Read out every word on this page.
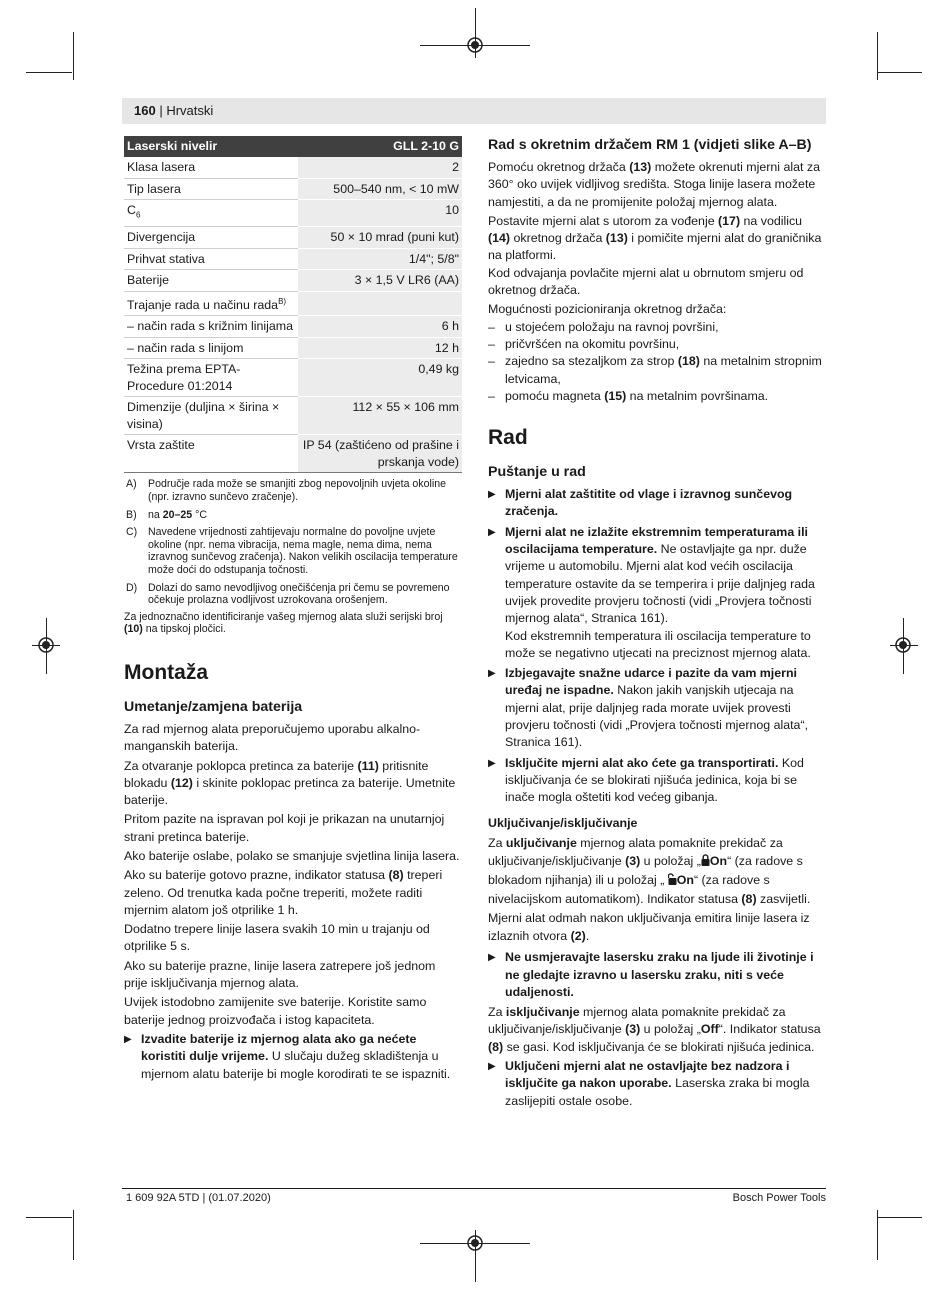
160 | Hrvatski
Laserski nivelir	GLL 2-10 G
Klasa lasera	2
Tip lasera	500–540 nm, < 10 mW
$C_6$	10
Divergencija	50 × 10 mrad (puni kut)
Prihvat stativa	1/4"; 5/8"
Baterije	3 × 1,5 V LR6 (AA)
Trajanje rada u načinu rada$^{B)}$	
– način rada s križnim linijama	6 h
– način rada s linijom	12 h
Težina prema EPTA-Procedure 01:2014	0,49 kg
Dimenzije (duljina × širina × visina)	112 × 55 × 106 mm
Vrsta zaštite	IP 54 (zaštićeno od prašine i prskanja vode)
A) Područje rada može se smanjiti zbog nepovoljnih uvjeta okoline (npr. izravno sunčevo zračenje).
B) na 20–25 °C
C) Navedene vrijednosti zahtijevaju normalne do povoljne uvjete okoline (npr. nema vibracija, nema magle, nema dima, nema izravnog sunčevog zračenja). Nakon velikih oscilacija temperature može doći do odstupanja točnosti.
D) Dolazi do samo nevodljivog onečišćenja pri čemu se povremeno očekuje prolazna vodljivost uzrokovana orošenjem.
Za jednoznačno identificiranje vašeg mjernog alata služi serijski broj (10) na tipskoj pločici.
Montaža
Umetanje/zamjena baterija

Za rad mjernog alata preporučujemo uporabu alkalno-manganskih baterija.

Za otvaranje poklopca pretinca za baterije (11) pritisnite blokadu (12) i skinite poklopac pretinca za baterije. Umetnite baterije.

Pritom pazite na ispravan pol koji je prikazan na unutarnjoj strani pretinca baterije.

Ako baterije oslabe, polako se smanjuje svjetlina linija lasera.

Ako su baterije gotovo prazne, indikator statusa (8) treperi zeleno. Od trenutka kada počne treperiti, možete raditi mjernim alatom još otprilike 1 h.

Dodatno trepere linije lasera svakih 10 min u trajanju od otprilike 5 s.

Ako su baterije prazne, linije lasera zatrepere još jednom prije isključivanja mjernog alata.

Uvijek istodobno zamijenite sve baterije. Koristite samo baterije jednog proizvođača i istog kapaciteta.

▶ Izvadite baterije iz mjernog alata ako ga nećete koristiti dulje vrijeme. U slučaju dužeg skladištenja u mjernom alatu baterije bi mogle korodirati te se ispazniti.
Rad s okretnim držačem RM 1 (vidjeti slike A–B)

Pomoću okretnog držača (13) možete okrenuti mjerni alat za 360° oko uvijek vidljivog središta. Stoga linije lasera možete namjestiti, a da ne promijenite položaj mjernog alata.

Postavite mjerni alat s utorom za vođenje (17) na vodilicu (14) okretnog držača (13) i pomičite mjerni alat do graničnika na platformi.

Kod odvajanja povlačite mjerni alat u obrnutom smjeru od okretnog držača.

Mogućnosti pozicioniranja okretnog držača:

– u stojećem položaju na ravnoj površini,
– pričvršćen na okomitu površinu,
– zajedno sa stezaljkom za strop (18) na metalnim stropnim letvicama,
– pomoću magneta (15) na metalnim površinama.
Rad
Puštanje u rad
▶ Mjerni alat zaštitite od vlage i izravnog sunčevog zračenja.
▶ Mjerni alat ne izlažite ekstremnim temperaturama ili oscilacijama temperature. Ne ostavljajte ga npr. duže vrijeme u automobilu. Mjerni alat kod većih oscilacija temperature ostavite da se temperira i prije daljnjeg rada uvijek provedite provjeru točnosti (vidi „Provjera točnosti mjernog alata“, Stranica 161).
Kod ekstremnih temperatura ili oscilacija temperature to može se negativno utjecati na preciznost mjernog alata.
▶ Izbjegavajte snažne udarce i pazite da vam mjerni uređaj ne ispadne. Nakon jakih vanjskih utjecaja na mjerni alat, prije daljnjeg rada morate uvijek provesti provjeru točnosti (vidi „Provjera točnosti mjernog alata“, Stranica 161).
▶ Isključite mjerni alat ako ćete ga transportirati. Kod isključivanja će se blokirati njišuća jedinica, koja bi se inače mogla oštetiti kod većeg gibanja.
Uključivanje/isključivanje

Za uključivanje mjernog alata pomaknite prekidač za uključivanje/isključivanje (3) u položaj „ On“ (za radove s blokadom njihanja) ili u položaj „ On“ (za radove s nivelacijskom automatikom). Indikator statusa (8) zasvijetli. Mjerni alat odmah nakon uključivanja emitira linije lasera iz izlaznih otvora (2).

▶ Ne usmjeravajte lasersku zraku na ljude ili životinje i ne gledajte izravno u lasersku zraku, niti s veće udaljenosti.

Za isključivanje mjernog alata pomaknite prekidač za uključivanje/isključivanje (3) u položaj „Off“. Indikator statusa (8) se gasi. Kod isključivanja će se blokirati njišuća jedinica.

▶ Uključeni mjerni alat ne ostavljajte bez nadzora i isključite ga nakon uporabe. Laserska zraka bi mogla zaslijepiti ostale osobe.
1 609 92A 5TD | (01.07.2020)	Bosch Power Tools
